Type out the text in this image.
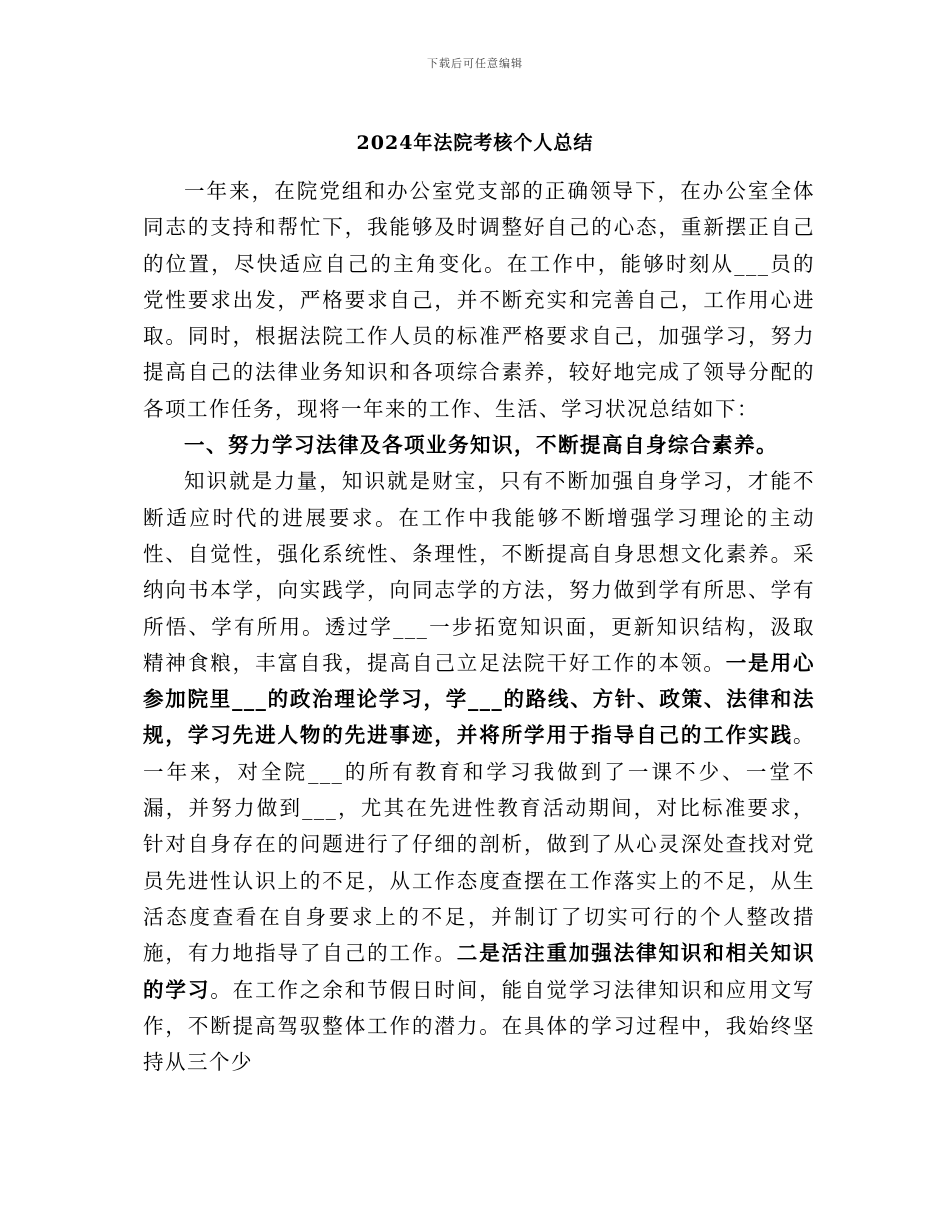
下载后可任意编辑
2024年法院考核个人总结

一年来，在院党组和办公室党支部的正确领导下，在办公室全体同志的支持和帮忙下，我能够及时调整好自己的心态，重新摆正自己的位置，尽快适应自己的主角变化。在工作中，能够时刻从___员的党性要求出发，严格要求自己，并不断充实和完善自己，工作用心进取。同时，根据法院工作人员的标准严格要求自己，加强学习，努力提高自己的法律业务知识和各项综合素养，较好地完成了领导分配的各项工作任务，现将一年来的工作、生活、学习状况总结如下：

一、努力学习法律及各项业务知识，不断提高自身综合素养。

知识就是力量，知识就是财宝，只有不断加强自身学习，才能不断适应时代的进展要求。在工作中我能够不断增强学习理论的主动性、自觉性，强化系统性、条理性，不断提高自身思想文化素养。采纳向书本学，向实践学，向同志学的方法，努力做到学有所思、学有所悟、学有所用。透过学___一步拓宽知识面，更新知识结构，汲取精神食粮，丰富自我，提高自己立足法院干好工作的本领。一是用心参加院里___的政治理论学习，学___的路线、方针、政策、法律和法规，学习先进人物的先进事迹，并将所学用于指导自己的工作实践。一年来，对全院___的所有教育和学习我做到了一课不少、一堂不漏，并努力做到___，尤其在先进性教育活动期间，对比标准要求，针对自身存在的问题进行了仔细的剖析，做到了从心灵深处查找对党员先进性认识上的不足，从工作态度查摆在工作落实上的不足，从生活态度查看在自身要求上的不足，并制订了切实可行的个人整改措施，有力地指导了自己的工作。二是活注重加强法律知识和相关知识的学习。在工作之余和节假日时间，能自觉学习法律知识和应用文写作，不断提高驾驭整体工作的潜力。在具体的学习过程中，我始终坚持从三个少
